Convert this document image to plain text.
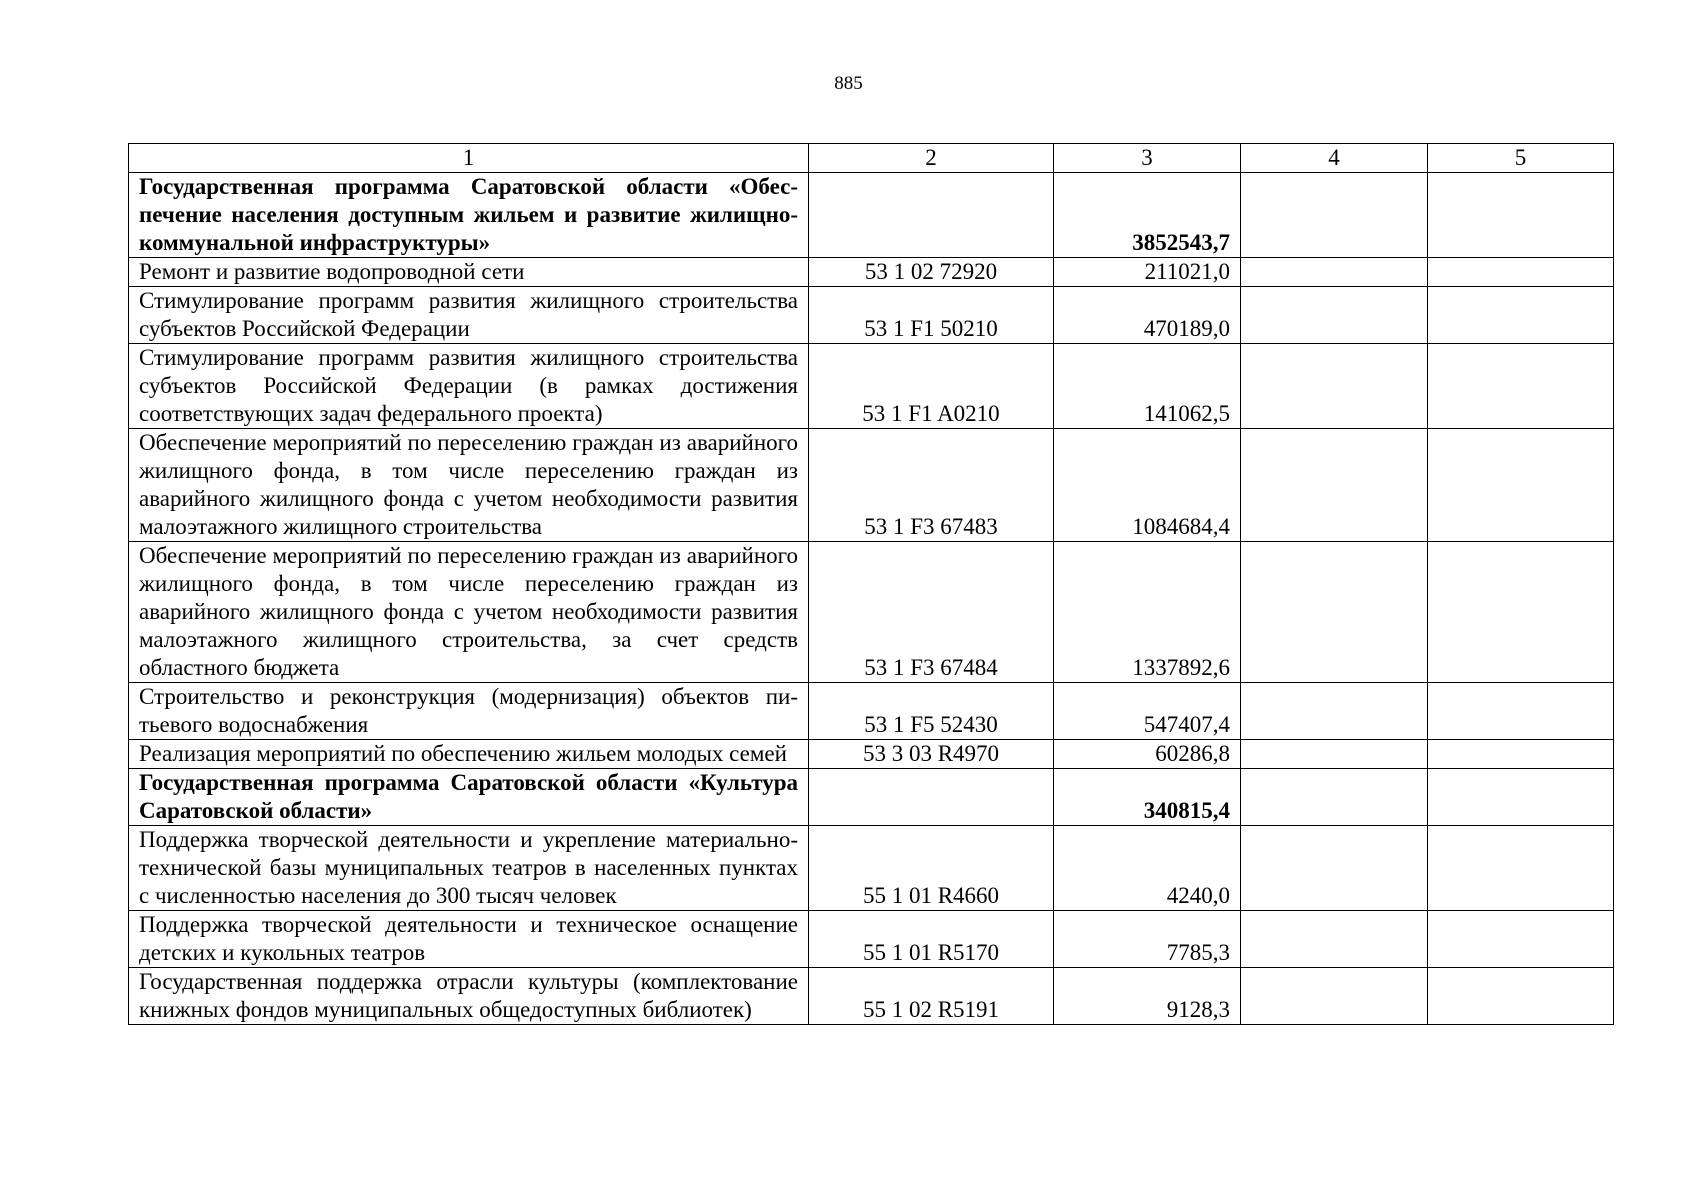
885
1	2	3	4	5
Государственная программа Саратовской области «Обеспечение населения доступным жильем и развитие жилищно-коммунальной инфраструктуры»		3852543,7		
Ремонт и развитие водопроводной сети	53 1 02 72920	211021,0		
Стимулирование программ развития жилищного строительства субъектов Российской Федерации	53 1 F1 50210	470189,0		
Стимулирование программ развития жилищного строительства субъектов Российской Федерации (в рамках достижения соответствующих задач федерального проекта)	53 1 F1 A0210	141062,5		
Обеспечение мероприятий по переселению граждан из аварийного жилищного фонда, в том числе переселению граждан из аварийного жилищного фонда с учетом необходимости развития малоэтажного жилищного строительства	53 1 F3 67483	1084684,4		
Обеспечение мероприятий по переселению граждан из аварийного жилищного фонда, в том числе переселению граждан из аварийного жилищного фонда с учетом необходимости развития малоэтажного жилищного строительства, за счет средств областного бюджета	53 1 F3 67484	1337892,6		
Строительство и реконструкция (модернизация) объектов питьевого водоснабжения	53 1 F5 52430	547407,4		
Реализация мероприятий по обеспечению жильем молодых семей	53 3 03 R4970	60286,8		
Государственная программа Саратовской области «Культура Саратовской области»		340815,4		
Поддержка творческой деятельности и укрепление материально-технической базы муниципальных театров в населенных пунктах с численностью населения до 300 тысяч человек	55 1 01 R4660	4240,0		
Поддержка творческой деятельности и техническое оснащение детских и кукольных театров	55 1 01 R5170	7785,3		
Государственная поддержка отрасли культуры (комплектование книжных фондов муниципальных общедоступных библиотек)	55 1 02 R5191	9128,3		
